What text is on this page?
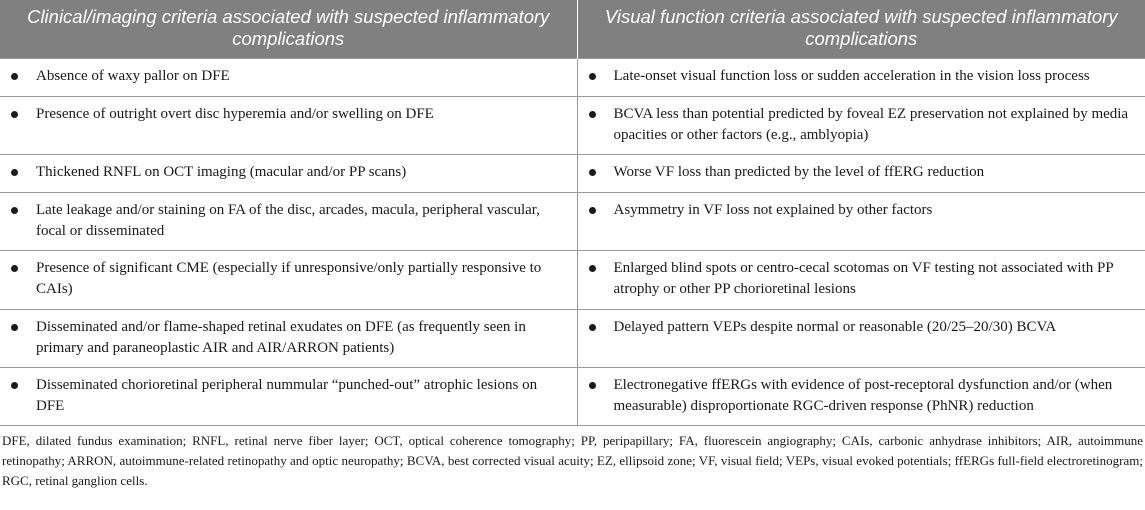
Clinical/imaging criteria associated with suspected inflammatory complications	Visual function criteria associated with suspected inflammatory complications

Absence of waxy pallor on DFE	Late-onset visual function loss or sudden acceleration in the vision loss process

Presence of outright overt disc hyperemia and/or swelling on DFE	BCVA less than potential predicted by foveal EZ preservation not explained by media opacities or other factors (e.g., amblyopia)

Thickened RNFL on OCT imaging (macular and/or PP scans)	Worse VF loss than predicted by the level of ffERG reduction

Late leakage and/or staining on FA of the disc, arcades, macula, peripheral vascular, focal or disseminated	Asymmetry in VF loss not explained by other factors

Presence of significant CME (especially if unresponsive/only partially responsive to CAIs)	Enlarged blind spots or centro-cecal scotomas on VF testing not associated with PP atrophy or other PP chorioretinal lesions

Disseminated and/or flame-shaped retinal exudates on DFE (as frequently seen in primary and paraneoplastic AIR and AIR/ARRON patients)	Delayed pattern VEPs despite normal or reasonable (20/25–20/30) BCVA

Disseminated chorioretinal peripheral nummular “punched-out” atrophic lesions on DFE	Electronegative ffERGs with evidence of post-receptoral dysfunction and/or (when measurable) disproportionate RGC-driven response (PhNR) reduction
DFE, dilated fundus examination; RNFL, retinal nerve fiber layer; OCT, optical coherence tomography; PP, peripapillary; FA, fluorescein angiography; CAIs, carbonic anhydrase inhibitors; AIR, autoimmune retinopathy; ARRON, autoimmune-related retinopathy and optic neuropathy; BCVA, best corrected visual acuity; EZ, ellipsoid zone; VF, visual field; VEPs, visual evoked potentials; ffERGs full-field electroretinogram; RGC, retinal ganglion cells.
